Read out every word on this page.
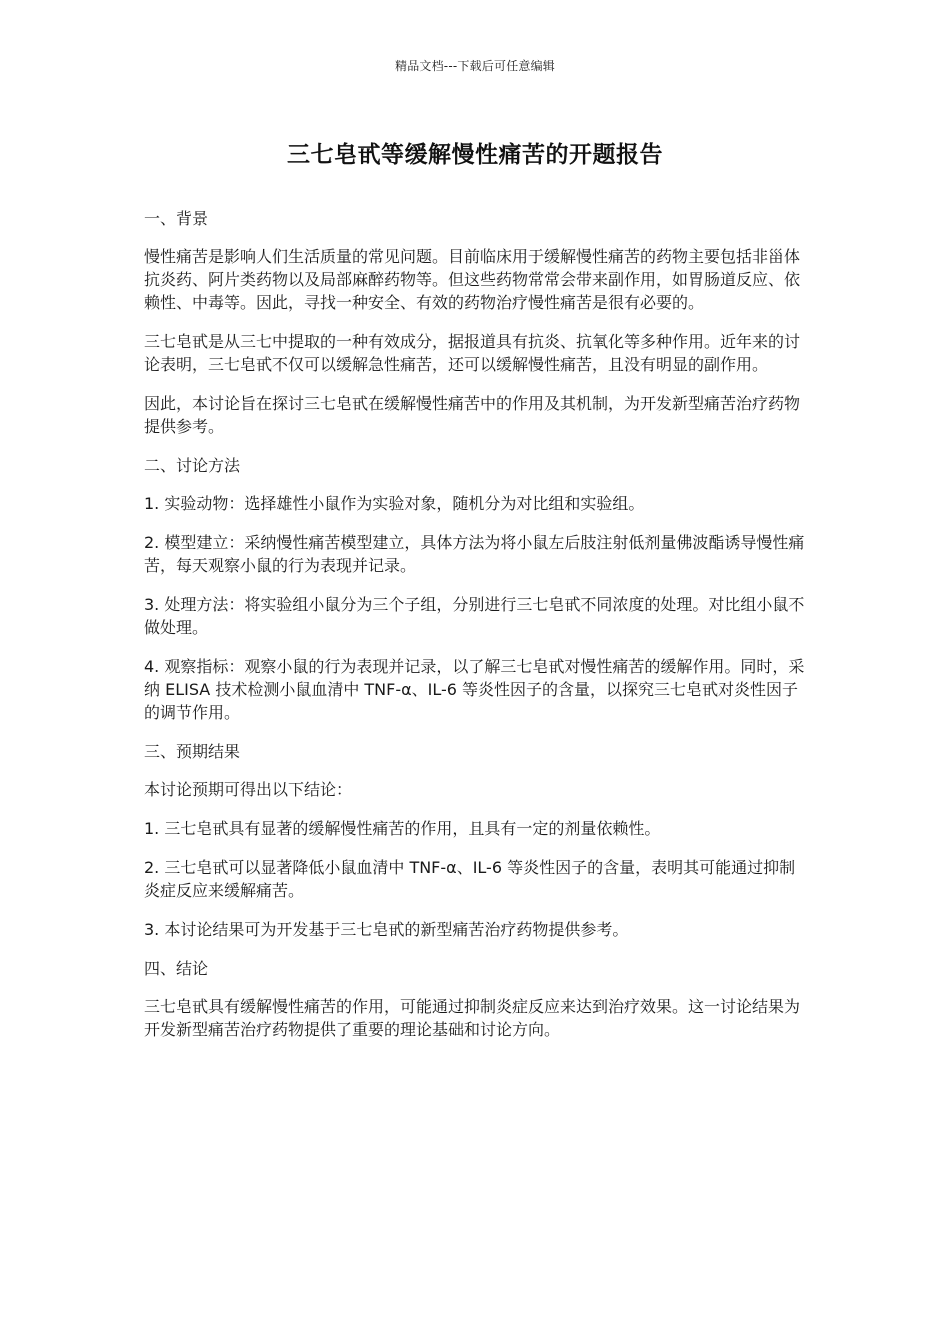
精品文档---下载后可任意编辑
三七皂甙等缓解慢性痛苦的开题报告

一、背景

慢性痛苦是影响人们生活质量的常见问题。目前临床用于缓解慢性痛苦的药物主要包括非甾体抗炎药、阿片类药物以及局部麻醉药物等。但这些药物常常会带来副作用，如胃肠道反应、依赖性、中毒等。因此，寻找一种安全、有效的药物治疗慢性痛苦是很有必要的。

三七皂甙是从三七中提取的一种有效成分，据报道具有抗炎、抗氧化等多种作用。近年来的讨论表明，三七皂甙不仅可以缓解急性痛苦，还可以缓解慢性痛苦，且没有明显的副作用。

因此，本讨论旨在探讨三七皂甙在缓解慢性痛苦中的作用及其机制，为开发新型痛苦治疗药物提供参考。

二、讨论方法

1. 实验动物：选择雄性小鼠作为实验对象，随机分为对比组和实验组。

2. 模型建立：采纳慢性痛苦模型建立，具体方法为将小鼠左后肢注射低剂量佛波酯诱导慢性痛苦，每天观察小鼠的行为表现并记录。

3. 处理方法：将实验组小鼠分为三个子组，分别进行三七皂甙不同浓度的处理。对比组小鼠不做处理。

4. 观察指标：观察小鼠的行为表现并记录，以了解三七皂甙对慢性痛苦的缓解作用。同时，采纳 ELISA 技术检测小鼠血清中 TNF-α、IL-6 等炎性因子的含量，以探究三七皂甙对炎性因子的调节作用。

三、预期结果

本讨论预期可得出以下结论：

1. 三七皂甙具有显著的缓解慢性痛苦的作用，且具有一定的剂量依赖性。

2. 三七皂甙可以显著降低小鼠血清中 TNF-α、IL-6 等炎性因子的含量，表明其可能通过抑制炎症反应来缓解痛苦。

3. 本讨论结果可为开发基于三七皂甙的新型痛苦治疗药物提供参考。

四、结论

三七皂甙具有缓解慢性痛苦的作用，可能通过抑制炎症反应来达到治疗效果。这一讨论结果为开发新型痛苦治疗药物提供了重要的理论基础和讨论方向。
